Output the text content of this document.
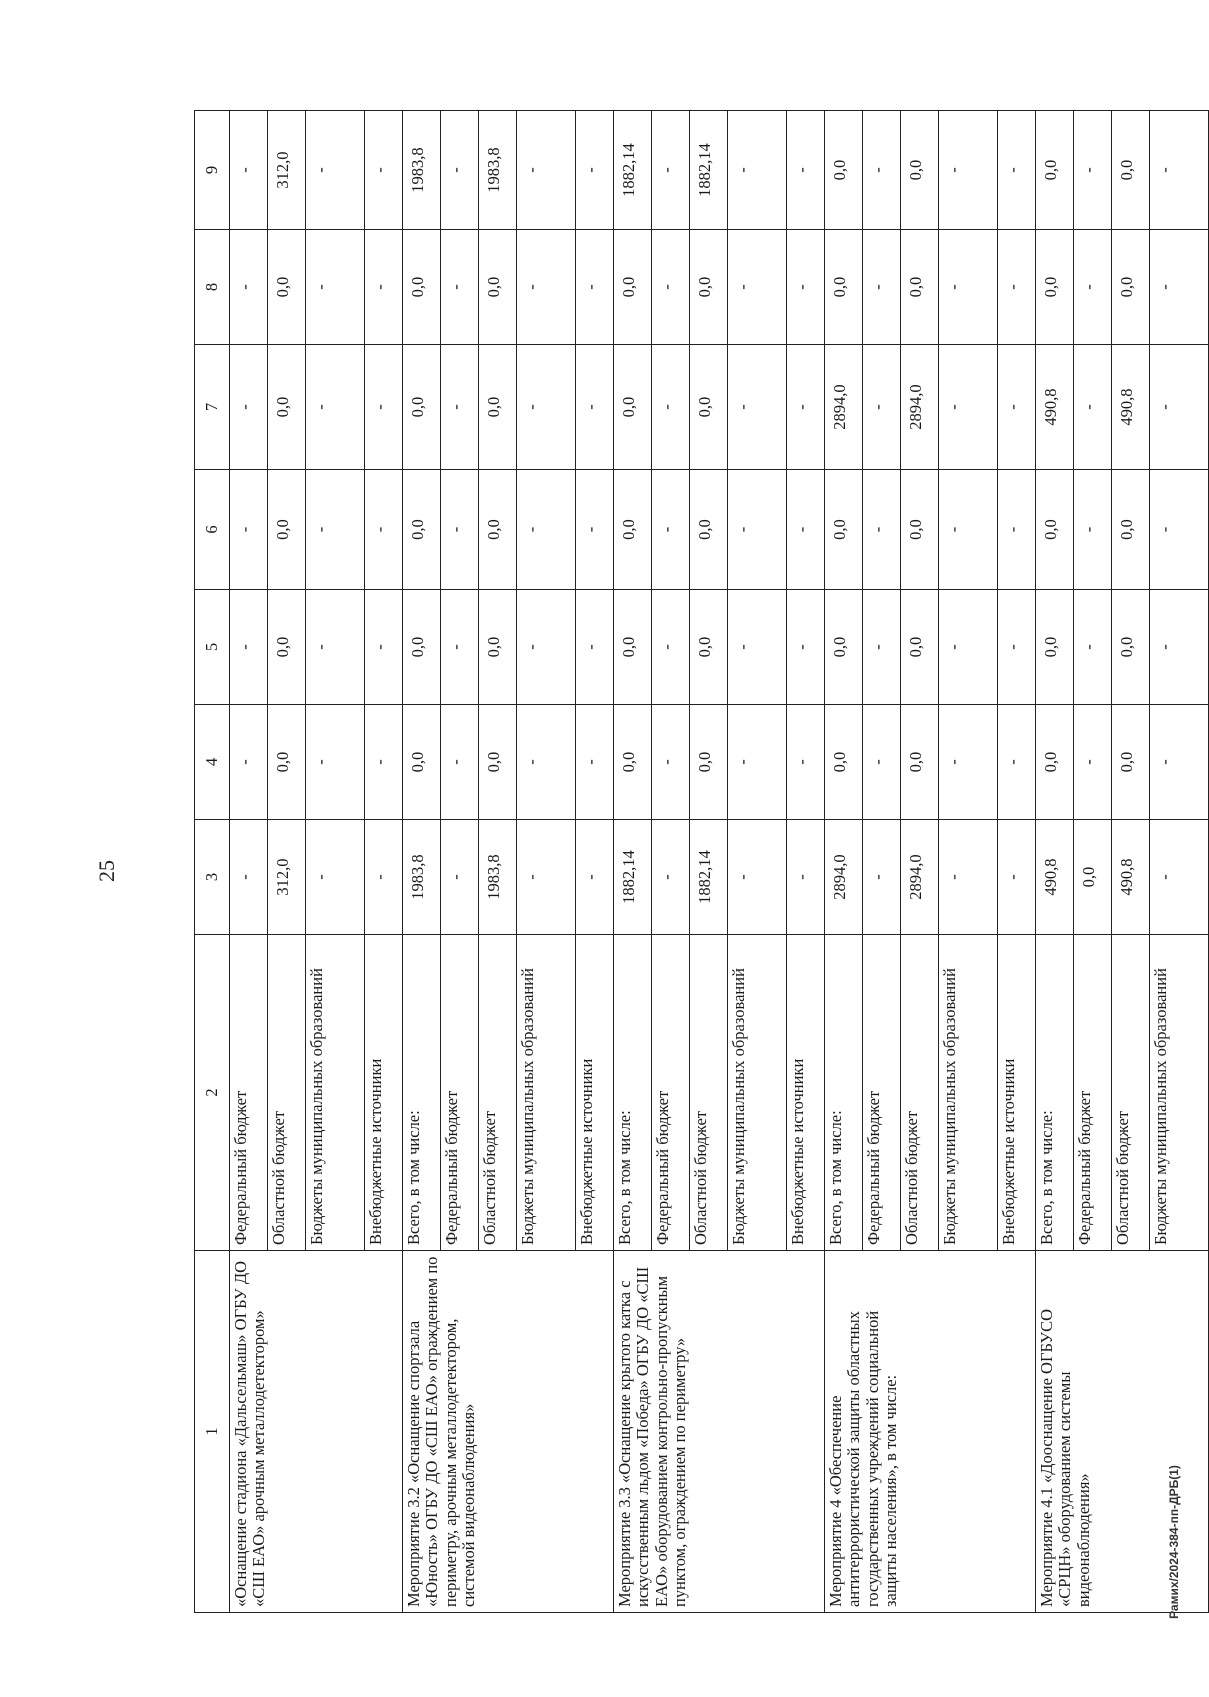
25
1	2	3	4	5	6	7	8	9
«Оснащение стадиона «Дальсельмаш» ОГБУ ДО «СШ ЕАО» арочным металлодетектором»	Федеральный бюджет	-	-	-	-	-	-	-
	Областной бюджет	312,0	0,0	0,0	0,0	0,0	0,0	312,0
	Бюджеты муниципальных образований	-	-	-	-	-	-	-
	Внебюджетные источники	-	-	-	-	-	-	-
Мероприятие 3.2 «Оснащение спортзала «Юность» ОГБУ ДО «СШ ЕАО» ограждением по периметру, арочным металлодетектором, системой видеонаблюдения»	Всего, в том числе:	1983,8	0,0	0,0	0,0	0,0	0,0	1983,8
	Федеральный бюджет	-	-	-	-	-	-	-
	Областной бюджет	1983,8	0,0	0,0	0,0	0,0	0,0	1983,8
	Бюджеты муниципальных образований	-	-	-	-	-	-	-
	Внебюджетные источники	-	-	-	-	-	-	-
Мероприятие 3.3 «Оснащение крытого катка с искусственным льдом «Победа» ОГБУ ДО «СШ ЕАО» оборудованием контрольно-пропускным пунктом, ограждением по периметру»	Всего, в том числе:	1882,14	0,0	0,0	0,0	0,0	0,0	1882,14
	Федеральный бюджет	-	-	-	-	-	-	-
	Областной бюджет	1882,14	0,0	0,0	0,0	0,0	0,0	1882,14
	Бюджеты муниципальных образований	-	-	-	-	-	-	-
	Внебюджетные источники	-	-	-	-	-	-	-
Мероприятие 4 «Обеспечение антитеррористической защиты областных государственных учреждений социальной защиты населения», в том числе:	Всего, в том числе:	2894,0	0,0	0,0	0,0	2894,0	0,0	0,0
	Федеральный бюджет	-	-	-	-	-	-	-
	Областной бюджет	2894,0	0,0	0,0	0,0	2894,0	0,0	0,0
	Бюджеты муниципальных образований	-	-	-	-	-	-	-
	Внебюджетные источники	-	-	-	-	-	-	-
Мероприятие 4.1 «Дооснащение ОГБУСО «СРЦН» оборудованием системы видеонаблюдения»	Всего, в том числе:	490,8	0,0	0,0	0,0	490,8	0,0	0,0
	Федеральный бюджет	0,0	-	-	-	-	-	-
	Областной бюджет	490,8	0,0	0,0	0,0	490,8	0,0	0,0
	Бюджеты муниципальных образований	-	-	-	-	-	-	-
Рамих/2024-384-пп-ДРБ(1)
